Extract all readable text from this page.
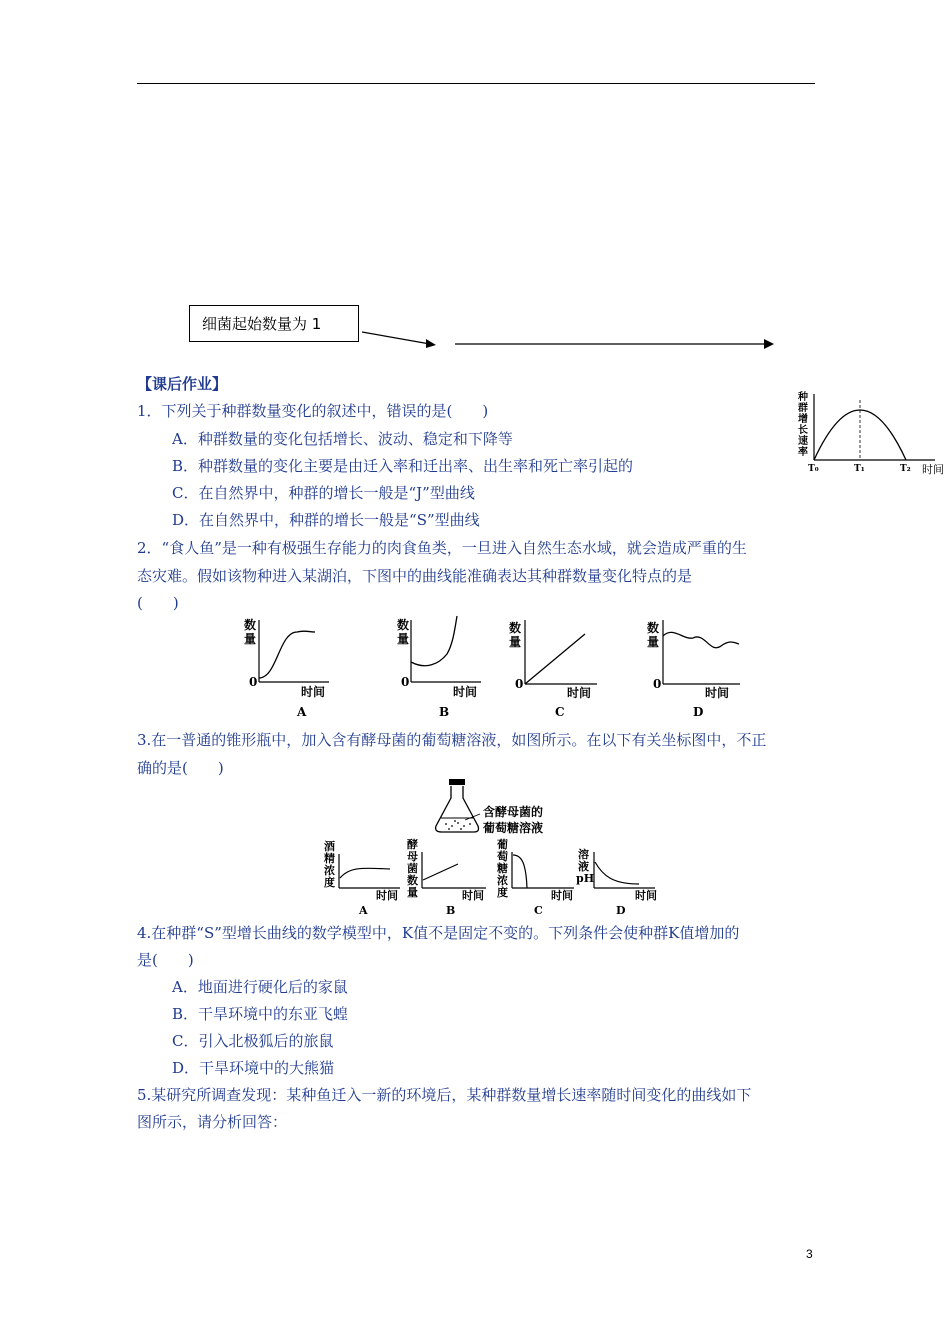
细菌起始数量为 1
【课后作业】
1．下列关于种群数量变化的叙述中，错误的是(　　)
A．种群数量的变化包括增长、波动、稳定和下降等
B．种群数量的变化主要是由迁入率和迁出率、出生率和死亡率引起的
C．在自然界中，种群的增长一般是“J”型曲线
D．在自然界中，种群的增长一般是“S”型曲线
种
群
增
长
速
率
T₀	T₁	T₂ 时间
2．“食人鱼”是一种有极强生存能力的肉食鱼类，一旦进入自然生态水域，就会造成严重的生
态灾难。假如该物种进入某湖泊，下图中的曲线能准确表达其种群数量变化特点的是
(　　)
数
量
0
时间
A
数
量
0
时间
B
数
量
0
时间
C
数
量
0
时间
D
3.在一普通的锥形瓶中，加入含有酵母菌的葡萄糖溶液，如图所示。在以下有关坐标图中，不正
确的是(　　)
含酵母菌的
葡萄糖溶液
酒
精
浓
度
时间
A
酵
母
菌
数
量	时间
B
葡
萄
糖
浓
度	时间
C
溶
液
pH
时间
D
4.在种群“S”型增长曲线的数学模型中，K值不是固定不变的。下列条件会使种群K值增加的
是(　　)
A．地面进行硬化后的家鼠
B．干旱环境中的东亚飞蝗
C．引入北极狐后的旅鼠
D．干旱环境中的大熊猫
5.某研究所调查发现：某种鱼迁入一新的环境后，某种群数量增长速率随时间变化的曲线如下
图所示，请分析回答：
3
